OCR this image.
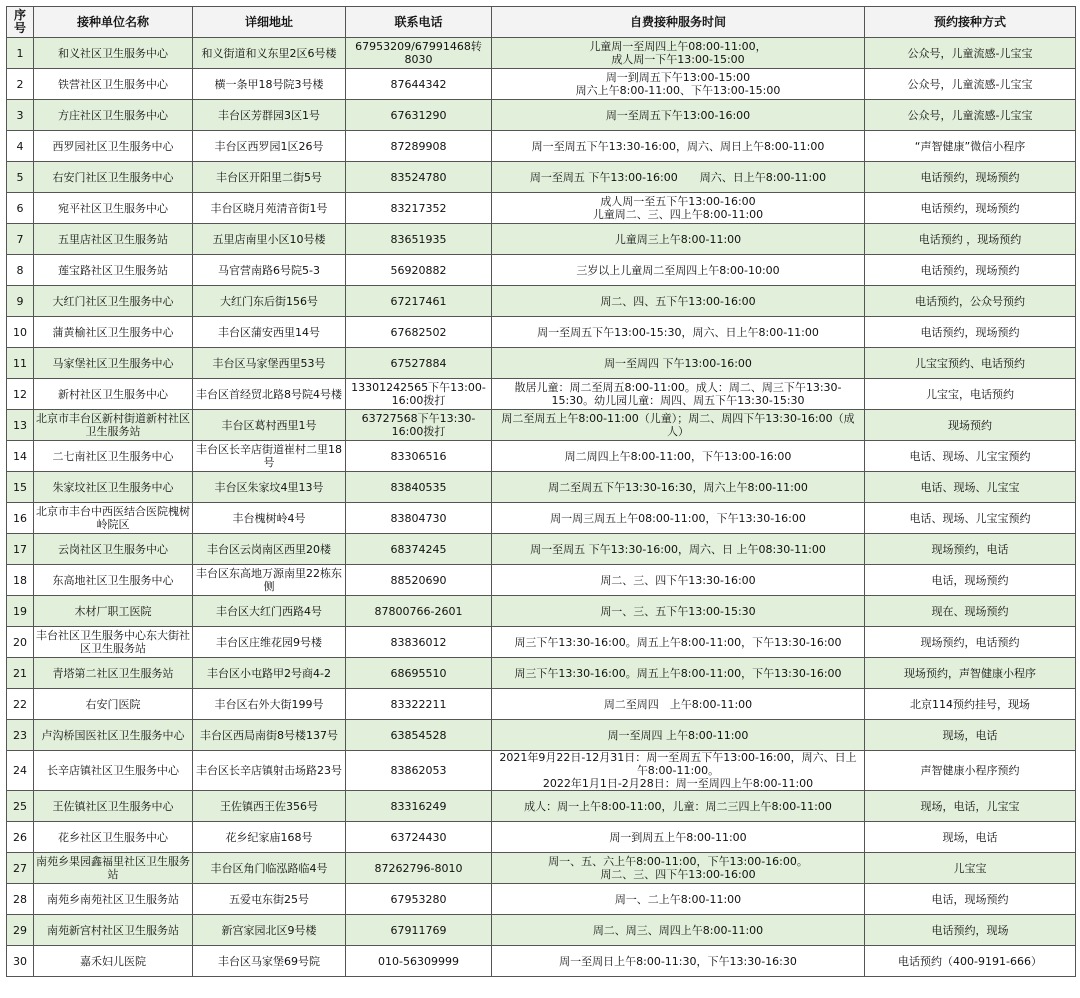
序号	接种单位名称	详细地址	联系电话	自费接种服务时间	预约接种方式
1	和义社区卫生服务中心	和义街道和义东里2区6号楼	67953209/67991468转8030	儿童周一至周四上午08:00-11:00，
成人周一下午13:00-15:00	公众号，儿童流感-儿宝宝
2	铁营社区卫生服务中心	横一条甲18号院3号楼	87644342	周一到周五下午13:00-15:00
周六上午8:00-11:00、下午13:00-15:00	公众号，儿童流感-儿宝宝
3	方庄社区卫生服务中心	丰台区芳群园3区1号	67631290	周一至周五下午13:00-16:00	公众号，儿童流感-儿宝宝
4	西罗园社区卫生服务中心	丰台区西罗园1区26号	87289908	周一至周五下午13:30-16:00，周六、周日上午8:00-11:00	“声智健康”微信小程序
5	右安门社区卫生服务中心	丰台区开阳里二街5号	83524780	周一至周五 下午13:00-16:00　　周六、日上午8:00-11:00	电话预约，现场预约
6	宛平社区卫生服务中心	丰台区晓月苑清音街1号	83217352	成人周一至五下午13:00-16:00
儿童周二、三、四上午8:00-11:00	电话预约，现场预约
7	五里店社区卫生服务站	五里店南里小区10号楼	83651935	儿童周三上午8:00-11:00	电话预约 ，现场预约
8	莲宝路社区卫生服务站	马官营南路6号院5-3	56920882	三岁以上儿童周二至周四上午8:00-10:00	电话预约，现场预约
9	大红门社区卫生服务中心	大红门东后街156号	67217461	周二、四、五下午13:00-16:00	电话预约，公众号预约
10	蒲黄榆社区卫生服务中心	丰台区蒲安西里14号	67682502	周一至周五下午13:00-15:30，周六、日上午8:00-11:00	电话预约，现场预约
11	马家堡社区卫生服务中心	丰台区马家堡西里53号	67527884	周一至周四 下午13:00-16:00	儿宝宝预约、电话预约
12	新村社区卫生服务中心	丰台区首经贸北路8号院4号楼	13301242565下午13:00-16:00拨打	散居儿童：周二至周五8:00-11:00。成人：周二、周三下午13:30-15:30。幼儿园儿童：周四、周五下午13:30-15:30	儿宝宝，电话预约
13	北京市丰台区新村街道新村社区卫生服务站	丰台区葛村西里1号	63727568下午13:30-16:00拨打	周二至周五上午8:00-11:00（儿童）；周二、周四下午13:30-16:00（成人）	现场预约
14	二七南社区卫生服务中心	丰台区长辛店街道崔村二里18号	83306516	周二周四上午8:00-11:00，下午13:00-16:00	电话、现场、儿宝宝预约
15	朱家坟社区卫生服务中心	丰台区朱家坟4里13号	83840535	周二至周五下午13:30-16:30，周六上午8:00-11:00	电话、现场、儿宝宝
16	北京市丰台中西医结合医院槐树岭院区	丰台槐树岭4号	83804730	周一周三周五上午08:00-11:00，下午13:30-16:00	电话、现场、儿宝宝预约
17	云岗社区卫生服务中心	丰台区云岗南区西里20楼	68374245	周一至周五 下午13:30-16:00，周六、日 上午08:30-11:00	现场预约，电话
18	东高地社区卫生服务中心	丰台区东高地万源南里22栋东侧	88520690	周二、三、四下午13:30-16:00	电话，现场预约
19	木材厂职工医院	丰台区大红门西路4号	87800766-2601	周一、三、五下午13:00-15:30	现在、现场预约
20	丰台社区卫生服务中心东大街社区卫生服务站	丰台区庄维花园9号楼	83836012	周三下午13:30-16:00。周五上午8:00-11:00，下午13:30-16:00	现场预约，电话预约
21	青塔第二社区卫生服务站	丰台区小屯路甲2号商4-2	68695510	周三下午13:30-16:00。周五上午8:00-11:00，下午13:30-16:00	现场预约，声智健康小程序
22	右安门医院	丰台区右外大街199号	83322211	周二至周四　上午8:00-11:00	北京114预约挂号，现场
23	卢沟桥国医社区卫生服务中心	丰台区西局南街8号楼137号	63854528	周一至周四 上午8:00-11:00	现场，电话
24	长辛店镇社区卫生服务中心	丰台区长辛店镇射击场路23号	83862053	2021年9月22日-12月31日：周一至周五下午13:00-16:00，周六、日上午8:00-11:00。
2022年1月1日-2月28日：周一至周四上午8:00-11:00	声智健康小程序预约
25	王佐镇社区卫生服务中心	王佐镇西王佐356号	83316249	成人：周一上午8:00-11:00，儿童：周二三四上午8:00-11:00	现场，电话，儿宝宝
26	花乡社区卫生服务中心	花乡纪家庙168号	63724430	周一到周五上午8:00-11:00	现场，电话
27	南苑乡果园鑫福里社区卫生服务站	丰台区角门临泓路临4号	87262796-8010	周一、五、六上午8:00-11:00，下午13:00-16:00。
周二、三、四下午13:00-16:00	儿宝宝
28	南苑乡南苑社区卫生服务站	五爱屯东街25号	67953280	周一、二上午8:00-11:00	电话，现场预约
29	南苑新宫村社区卫生服务站	新宫家园北区9号楼	67911769	周二、周三、周四上午8:00-11:00	电话预约，现场
30	嘉禾妇儿医院	丰台区马家堡69号院	010-56309999	周一至周日上午8:00-11:30，下午13:30-16:30	电话预约（400-9191-666）
